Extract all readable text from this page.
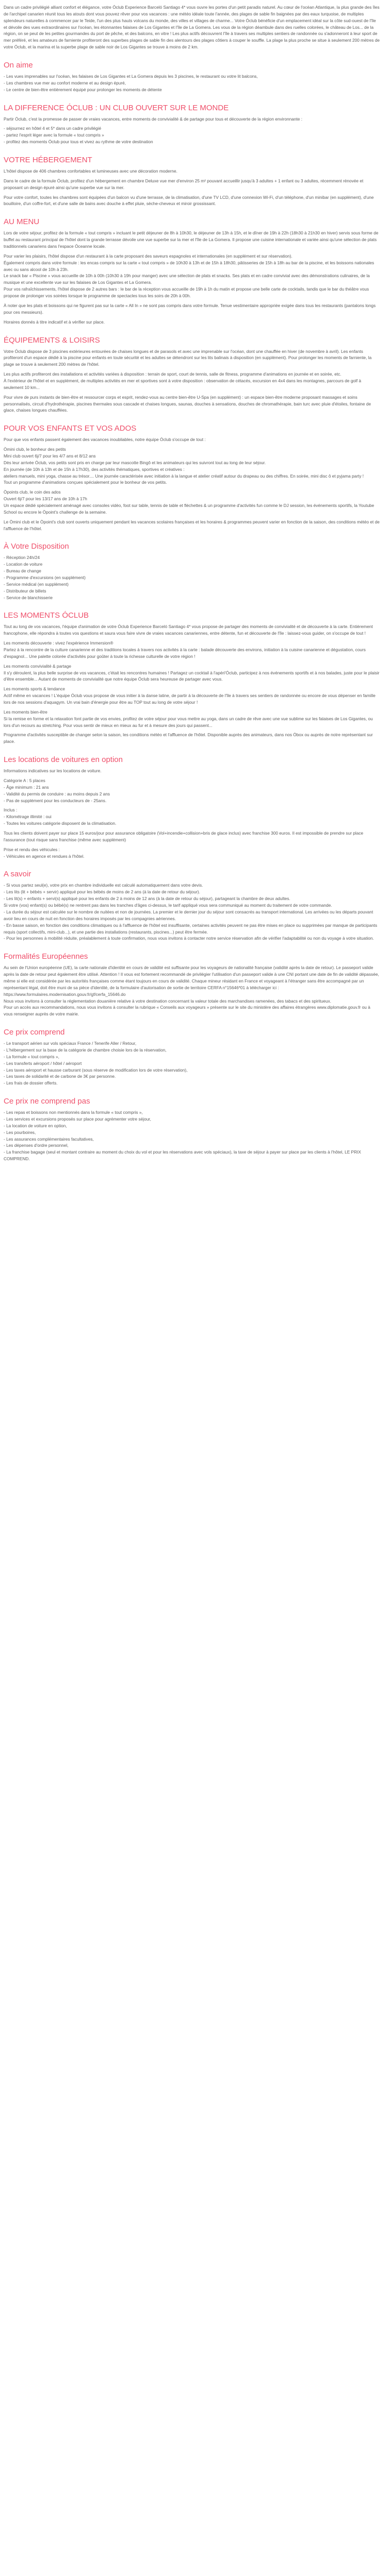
Dans un cadre privilégié alliant confort et élégance, votre Óclub Experience Barceló Santiago 4* vous ouvre les portes d'un petit paradis naturel. Au cœur de l'océan Atlantique, la plus grande des îles de l'archipel canarien réunit tous les atouts dont vous pouvez rêver pour vos vacances : une météo idéale toute l'année, des plages de sable fin baignées par des eaux turquoise, de multiples splendeurs naturelles à commencer par le Teide, l'un des plus hauts volcans du monde, des villes et villages de charme... Votre Óclub bénéficie d'un emplacement idéal sur la côte sud-ouest de l'île et dévoile des vues extraordinaires sur l'océan, les étonnantes falaises de Los Gigantes et l'île de La Gomera. Les vous de la région déambule dans des ruelles colorées, le château de Los... de la région, on se peut de les petites gourmandes du port de pêche, et des balcons, en vitre ! Les plus actifs découvrent l'île à travers ses multiples sentiers de randonnée ou s'adonneront à leur sport de mer préféré, et les amateurs de farniente profiteront des superbes plages de sable fin des alentours des plages côtiers à couper le souffle. La plage la plus proche se situe à seulement 200 mètres de votre Óclub, et la marina et la superbe plage de sable noir de Los Gigantes se trouve à moins de 2 km.

On aime

- Les vues imprenables sur l'océan, les falaises de Los Gigantes et La Gomera depuis les 3 piscines, le restaurant ou votre lit balcons,
- Les chambres vue mer au confort moderne et au design épuré,
- Le centre de bien-être entièrement équipé pour prolonger les moments de détente

LA DIFFERENCE ÓCLUB : UN CLUB OUVERT SUR LE MONDE

Partir Óclub, c'est la promesse de passer de vraies vacances, entre moments de convivialité & de partage pour tous et découverte de la région environnante :

- séjournez en hôtel 4 et 5* dans un cadre privilégié
- partez l'esprit léger avec la formule « tout compris »
- profitez des moments Óclub pour tous et vivez au rythme de votre destination

VOTRE HÉBERGEMENT

L'hôtel dispose de 406 chambres confortables et lumineuses avec une décoration moderne.

Dans le cadre de la formule Óclub, profitez d'un hébergement en chambre Deluxe vue mer d'environ 25 m² pouvant accueillir jusqu'à 3 adultes + 1 enfant ou 3 adultes, récemment rénovée et proposant un design épuré ainsi qu'une superbe vue sur la mer.

Pour votre confort, toutes les chambres sont équipées d'un balcon vu d'une terrasse, de la climatisation, d'une TV LCD, d'une connexion Wi-Fi, d'un téléphone, d'un minibar (en supplément), d'une bouilloire, d'un coffre-fort, et d'une salle de bains avec douche à effet pluie, sèche-cheveux et miroir grossissant.

AU MENU

Lors de votre séjour, profitez de la formule « tout compris » incluant le petit déjeuner de 8h à 10h30, le déjeuner de 13h à 15h, et le dîner de 19h à 22h (18h30 à 21h30 en hiver) servis sous forme de buffet au restaurant principal de l'hôtel dont la grande terrasse dévoile une vue superbe sur la mer et l'île de La Gomera. Il propose une cuisine internationale et variée ainsi qu'une sélection de plats traditionnels canariens dans l'espace Óceanne locale.

Pour varier les plaisirs, l'hôtel dispose d'un restaurant à la carte proposant des saveurs espagnoles et internationales (en supplément et sur réservation).
Également compris dans votre formule : les encas compris sur la carte « tout compris » de 10h30 à 13h et de 15h à 18h30, pâtisseries de 15h à 18h au bar de la piscine, et les boissons nationales avec ou sans alcool de 10h à 23h.
Le snack bar « Piscine » vous accueille de 10h à 00h (10h30 à 19h pour manger) avec une sélection de plats et snacks. Ses plats et en cadre convivial avec des démonstrations culinaires, de la musique et une excellente vue sur les falaises de Los Gigantes et La Gomera.
Pour vos rafraîchissements, l'hôtel dispose de 2 autres bars : le bar de la réception vous accueille de 19h à 1h du matin et propose une belle carte de cocktails, tandis que le bar du théâtre vous propose de prolonger vos soirées lorsque le programme de spectacles tous les soirs de 20h à 00h.

À noter que les plats et boissons qui ne figurent pas sur la carte « All In » ne sont pas compris dans votre formule. Tenue vestimentaire appropriée exigée dans tous les restaurants (pantalons longs pour ces messieurs).

Horaires donnés à titre indicatif et à vérifier sur place.

ÉQUIPEMENTS & LOISIRS

Votre Óclub dispose de 3 piscines extérieures entourées de chaises longues et de parasols et avec une imprenable sur l'océan, dont une chauffée en hiver (de novembre à avril). Les enfants profiteront d'un espace dédié à la piscine pour enfants en toute sécurité et les adultes se détendront sur les lits balinais à disposition (en supplément). Pour prolonger les moments de farniente, la plage se trouve à seulement 200 mètres de l'hôtel.

Les plus actifs profiteront des installations et activités variées à disposition : terrain de sport, court de tennis, salle de fitness, programme d'animations en journée et en soirée, etc.
À l'extérieur de l'hôtel et en supplément, de multiples activités en mer et sportives sont à votre disposition : observation de cétacés, excursion en 4x4 dans les montagnes, parcours de golf à seulement 10 km...

Pour vivre de purs instants de bien-être et ressourcer corps et esprit, rendez-vous au centre bien-être U-Spa (en supplément) : un espace bien-être moderne proposant massages et soins personnalisés, circuit d'hydrothérapie, piscines thermales sous cascade et chaises longues, saunas, douches à sensations, douches de chromathérapie, bain turc avec pluie d'étoiles, fontaine de glace, chaises longues chauffées.

POUR VOS ENFANTS ET VOS ADOS

Pour que vos enfants passent également des vacances inoubliables, notre équipe Óclub s'occupe de tout :

Òmini club, le bonheur des petits
Mini club ouvert 6j/7 pour les 4/7 ans et 8/12 ans
Dès leur arrivée Óclub, vos petits sont pris en charge par leur mascotte Bingô et les animateurs qui les suivront tout au long de leur séjour.
En journée (de 10h à 13h et de 15h à 17h30), des activités thématiques, sportives et créatives :
ateliers manuels, mini yoga, chasse au trésor.... Une journée caractérisée avec initiation à la langue et atelier créatif autour du drapeau ou des chiffres. En soirée, mini disc ô et pyjama party !
Tout un programme d'animations conçues spécialement pour le bonheur de vos petits.

Òpoints club, le coin des ados
Ouvert 6j/7 pour les 13/17 ans de 10h à 17h
Un espace dédié spécialement aménagé avec consoles vidéo, foot sur table, tennis de table et fléchettes & un programme d'activités fun comme le DJ session, les événements sportifs, la Youtube School ou encore le Òpoint's challenge de la semaine.

Le Òmini club et le Òpoint's club sont ouverts uniquement pendant les vacances scolaires françaises et les horaires & programmes peuvent varier en fonction de la saison, des conditions météo et de l'affluence de l'hôtel.

À Votre Disposition

- Réception 24h/24
- Location de voiture
- Bureau de change
- Programme d'excursions (en supplément)
- Service médical (en supplément)
- Distributeur de billets
- Service de blanchisserie

LES MOMENTS ÓCLUB

Tout au long de vos vacances, l'équipe d'animation de votre Óclub Experience Barceló Santiago 4* vous propose de partager des moments de convivialité et de découverte à la carte. Entièrement francophone, elle répondra à toutes vos questions et saura vous faire vivre de vraies vacances canariennes, entre détente, fun et découverte de l'île : laissez-vous guider, on s'occupe de tout !

Les moments découverte : vivez l'expérience Immersion®
Partez à la rencontre de la culture canarienne et des traditions locales à travers nos activités à la carte : balade découverte des environs, initiation à la cuisine canarienne et dégustation, cours d'espagnol... Une palette colorée d'activités pour goûter à toute la richesse culturelle de votre région !

Les moments convivialité & partage
Il s'y déroulent, la plus belle surprise de vos vacances, c'était les rencontres humaines ! Partagez un cocktail à l'apéri'Óclub, participez à nos événements sportifs et à nos balades, juste pour le plaisir d'être ensemble... Autant de moments de convivialité que notre équipe Óclub sera heureuse de partager avec vous.

Les moments sports & tendance
Actif même en vacances ! L'équipe Óclub vous propose de vous initier à la danse latine, de partir à la découverte de l'île à travers ses sentiers de randonnée ou encore de vous dépenser en famille lors de nos sessions d'aquagym. Un vrai bain d'énergie pour être au TOP tout au long de votre séjour !

Les moments bien-être
Si la remise en forme et la relaxation font partie de vos envies, profitez de votre séjour pour vous mettre au yoga, dans un cadre de rêve avec une vue sublime sur les falaises de Los Gigantes, ou lors d'un recours au stretching. Pour vous sentir de mieux en mieux au fur et à mesure des jours qui passent...

Programme d'activités susceptible de changer selon la saison, les conditions météo et l'affluence de l'hôtel. Disponible auprès des animateurs, dans nos Óbox ou auprès de notre représentant sur place.

Les locations de voitures en option

Informations indicatives sur les locations de voiture.

Catégorie A : 5 places
- Âge minimum : 21 ans
- Validité du permis de conduire : au moins depuis 2 ans
- Pas de supplément pour les conducteurs de - 25ans.

Inclus :
- Kilométrage illimité : oui
- Toutes les voitures catégorie disposent de la climatisation.

Tous les clients doivent payer sur place 15 euros/jour pour assurance obligatoire (Vol+incendie+collision+bris de glace inclus) avec franchise 300 euros. Il est impossible de prendre sur place l'assurance (tout risque sans franchise (même avec supplément)

Prise et rendu des véhicules :
- Véhicules en agence et rendues à l'hôtel.

A savoir

- Si vous partez seul(e), votre prix en chambre individuelle est calculé automatiquement dans votre devis.
- Les lits (lit + bébés + servir) appliqué pour les bébés de moins de 2 ans (à la date de retour du séjour).
- Les lit(s) + enfants + servi(s) appliqué pour les enfants de 2 à moins de 12 ans (à la date de retour du séjour), partageant la chambre de deux adultes.
Si votre (vos) enfant(s) ou bébé(s) ne rentrent pas dans les tranches d'âges ci-dessus, le tarif appliqué vous sera communiqué au moment du traitement de votre commande.
- La durée du séjour est calculée sur le nombre de nuitées et non de journées. La premier et le dernier jour du séjour sont consacrés au transport international. Les arrivées ou les départs pouvant avoir lieu en cours de nuit en fonction des horaires imposés par les compagnies aériennes.
- En basse saison, en fonction des conditions climatiques ou à l'affluence de l'hôtel est insuffisante, certaines activités peuvent ne pas être mises en place ou supprimées par manque de participants requis (sport collectifs, mini-club...), et une partie des installations (restaurants, piscines...) peut être fermée.
- Pour les personnes à mobilité réduite, préalablement à toute confirmation, nous vous invitons à contacter notre service réservation afin de vérifier l'adaptabilité ou non du voyage à votre situation.

Formalités Européennes

Au sein de l'Union européenne (UE), la carte nationale d'identité en cours de validité est suffisante pour les voyageurs de nationalité française (validité après la date de retour). Le passeport valide après la date de retour peut également être utilisé. Attention ! Il vous est fortement recommandé de privilégier l'utilisation d'un passeport valide à une CNI portant une date de fin de validité dépassée, même si elle est considérée par les autorités françaises comme étant toujours en cours de validité. Chaque mineur résidant en France et voyageant à l'étranger sans être accompagné par un représentant légal, doit être muni de sa pièce d'identité, de la formulaire d'autorisation de sortie de territoire CERFA n°15646*01 à télécharger ici :
https://www.formulaires.modernisation.gouv.fr/gf/cerfa_15646.do
Nous vous invitons à consulter la réglementation douanière relative à votre destination concernant la valeur totale des marchandises ramenées, des tabacs et des spiritueux.
Pour un accès aux recommandations, nous vous invitons à consulter la rubrique « Conseils aux voyageurs » présente sur le site du ministère des affaires étrangères www.diplomatie.gouv.fr ou à vous renseigner auprès de votre mairie.

Ce prix comprend

- Le transport aérien sur vols spéciaux France / Tenerife Aller / Retour,
- L'hébergement sur la base de la catégorie de chambre choisie lors de la réservation,
- La formule « tout compris »,
- Les transferts aéroport / hôtel / aéroport
- Les taxes aéroport et hausse carburant (sous réserve de modification lors de votre réservation),
- Les taxes de solidarité et de carbone de 3€ par personne.
- Les frais de dossier offerts.

Ce prix ne comprend pas

- Les repas et boissons non mentionnés dans la formule « tout compris »,
- Les services et excursions proposés sur place pour agrémenter votre séjour,
- La location de voiture en option,
- Les pourboires,
- Les assurances complémentaires facultatives,
- Les dépenses d'ordre personnel,
- La franchise bagage (seul et montant contraire au moment du choix du vol et pour les réservations avec vols spéciaux), la taxe de séjour à payer sur place par les clients à l'hôtel, LE PRIX COMPREND.
